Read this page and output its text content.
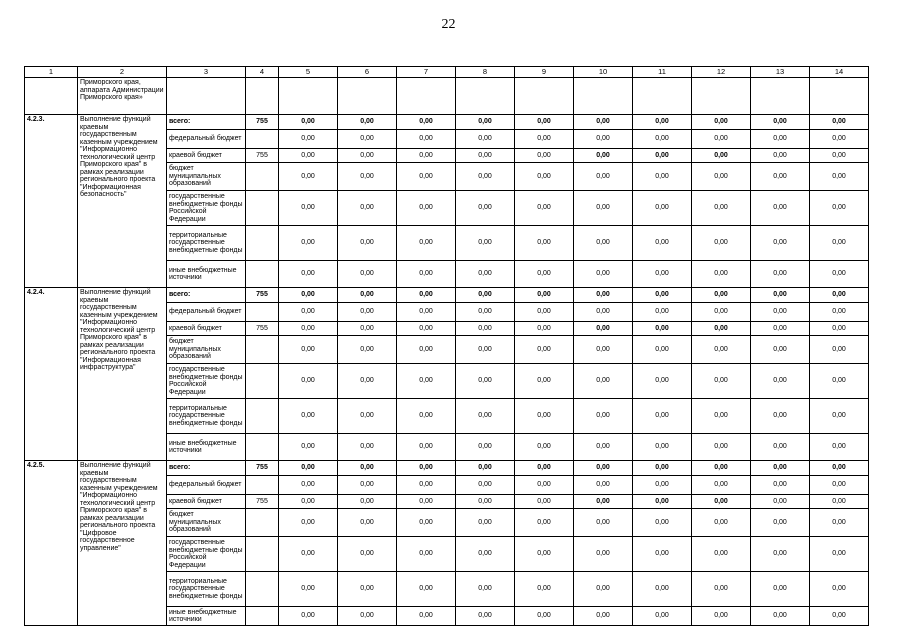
22
1	2	3	4	5	6	7	8	9	10	11	12	13	14
	Приморского края, аппарата Администрации Приморского края»												
4.2.3.	Выполнение функций краевым государственным казенным учреждением "Информационно технологический центр Приморского края" в рамках реализации регионального проекта "Информационная безопасность"	всего:	755	0,00	0,00	0,00	0,00	0,00	0,00	0,00	0,00	0,00	0,00
		федеральный бюджет		0,00	0,00	0,00	0,00	0,00	0,00	0,00	0,00	0,00	0,00
		краевой бюджет	755	0,00	0,00	0,00	0,00	0,00	0,00	0,00	0,00	0,00	0,00
		бюджет муниципальных образований		0,00	0,00	0,00	0,00	0,00	0,00	0,00	0,00	0,00	0,00
		государственные внебюджетные фонды Российской Федерации		0,00	0,00	0,00	0,00	0,00	0,00	0,00	0,00	0,00	0,00
		территориальные государственные внебюджетные фонды		0,00	0,00	0,00	0,00	0,00	0,00	0,00	0,00	0,00	0,00
		иные внебюджетные источники		0,00	0,00	0,00	0,00	0,00	0,00	0,00	0,00	0,00	0,00
4.2.4.	Выполнение функций краевым государственным казенным учреждением "Информационно технологический центр Приморского края" в рамках реализации регионального проекта "Информационная инфраструктура"	всего:	755	0,00	0,00	0,00	0,00	0,00	0,00	0,00	0,00	0,00	0,00
		федеральный бюджет		0,00	0,00	0,00	0,00	0,00	0,00	0,00	0,00	0,00	0,00
		краевой бюджет	755	0,00	0,00	0,00	0,00	0,00	0,00	0,00	0,00	0,00	0,00
		бюджет муниципальных образований		0,00	0,00	0,00	0,00	0,00	0,00	0,00	0,00	0,00	0,00
		государственные внебюджетные фонды Российской Федерации		0,00	0,00	0,00	0,00	0,00	0,00	0,00	0,00	0,00	0,00
		территориальные государственные внебюджетные фонды		0,00	0,00	0,00	0,00	0,00	0,00	0,00	0,00	0,00	0,00
		иные внебюджетные источники		0,00	0,00	0,00	0,00	0,00	0,00	0,00	0,00	0,00	0,00
4.2.5.	Выполнение функций краевым государственным казенным учреждением "Информационно технологический центр Приморского края" в рамках реализации регионального проекта "Цифровое государственное управление"	всего:	755	0,00	0,00	0,00	0,00	0,00	0,00	0,00	0,00	0,00	0,00
		федеральный бюджет		0,00	0,00	0,00	0,00	0,00	0,00	0,00	0,00	0,00	0,00
		краевой бюджет	755	0,00	0,00	0,00	0,00	0,00	0,00	0,00	0,00	0,00	0,00
		бюджет муниципальных образований		0,00	0,00	0,00	0,00	0,00	0,00	0,00	0,00	0,00	0,00
		государственные внебюджетные фонды Российской Федерации		0,00	0,00	0,00	0,00	0,00	0,00	0,00	0,00	0,00	0,00
		территориальные государственные внебюджетные фонды		0,00	0,00	0,00	0,00	0,00	0,00	0,00	0,00	0,00	0,00
		иные внебюджетные источники		0,00	0,00	0,00	0,00	0,00	0,00	0,00	0,00	0,00	0,00
